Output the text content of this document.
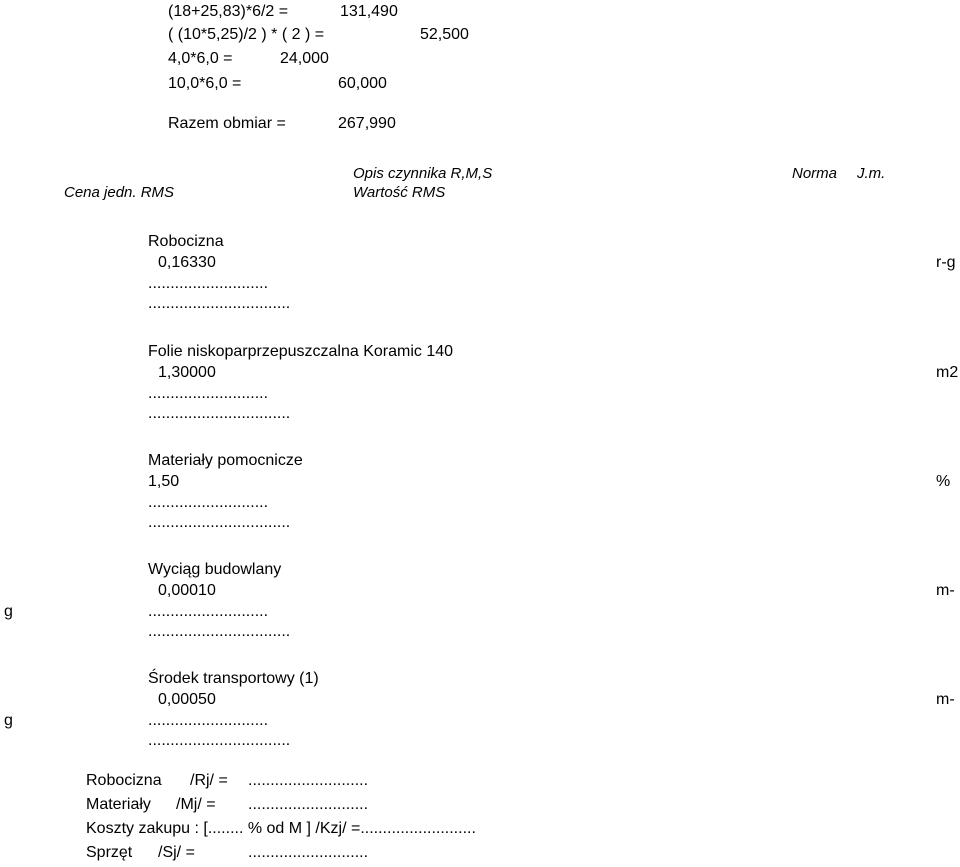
(18+25,83)*6/2 =	131,490
( (10*5,25)/2 ) * ( 2 ) =	52,500
4,0*6,0 =	24,000
10,0*6,0 =	60,000
Razem obmiar =	267,990
Opis czynnika R,M,S	Norma J.m.
Cena jedn. RMS	Wartość RMS
Robocizna
0,16330	r-g
...........................
................................
Folie niskoparprzepuszczalna Koramic 140
1,30000	m2
...........................
................................
Materiały pomocnicze
1,50	%
...........................
................................
Wyciąg budowlany
0,00010	m-
g	...........................
................................
Środek transportowy (1)
0,00050	m-
g	...........................
................................
Robocizna /Rj/ = ...........................
Materiały /Mj/ = ...........................
Koszty zakupu : [........ % od M ] /Kzj/ =..........................
Sprzęt /Sj/ =	...........................
